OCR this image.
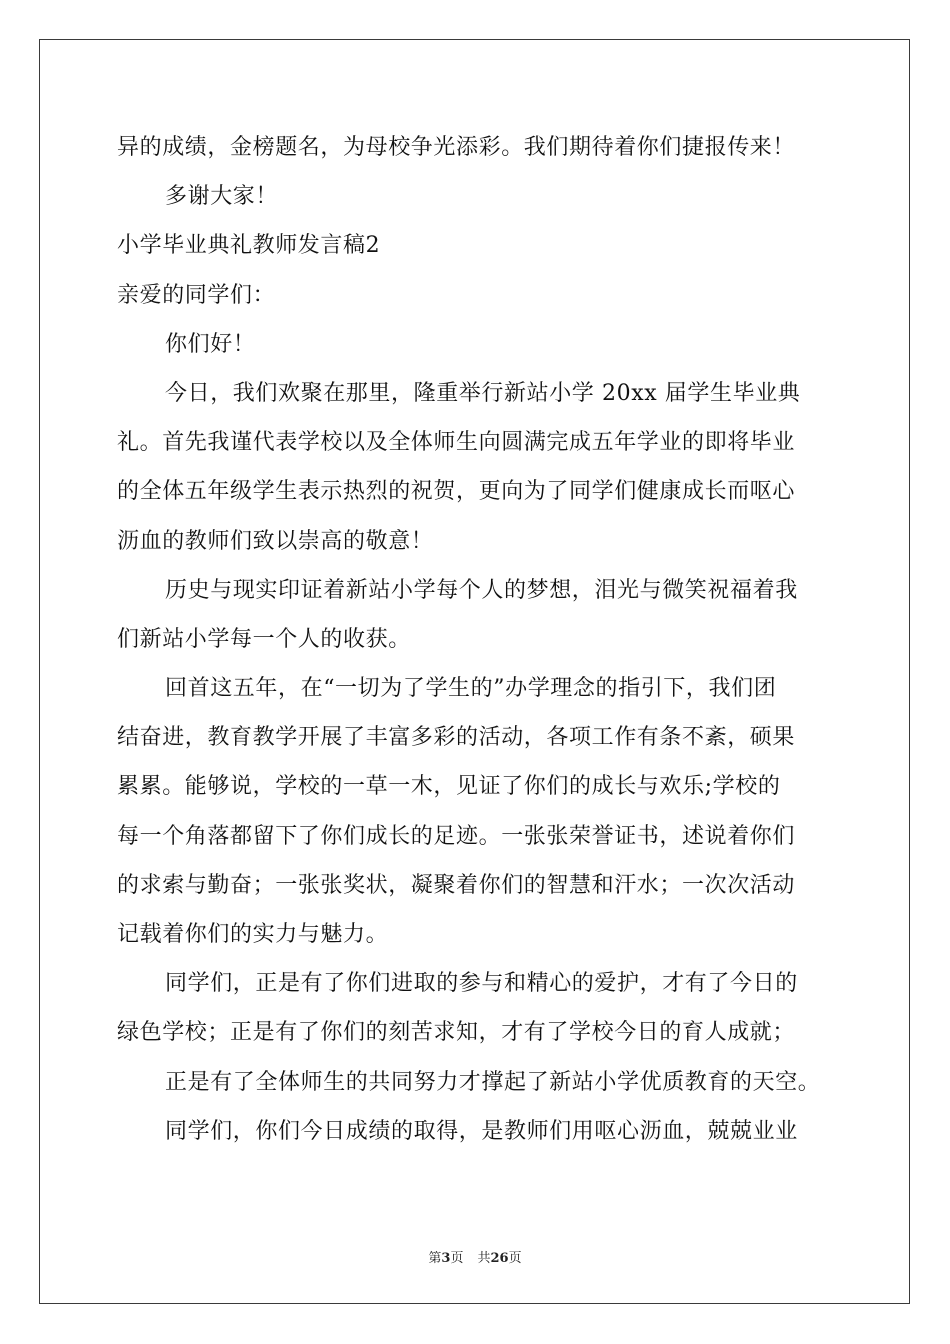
异的成绩，金榜题名，为母校争光添彩。我们期待着你们捷报传来！
多谢大家！
小学毕业典礼教师发言稿2
亲爱的同学们：
你们好！
今日，我们欢聚在那里，隆重举行新站小学 20xx 届学生毕业典
礼。首先我谨代表学校以及全体师生向圆满完成五年学业的即将毕业
的全体五年级学生表示热烈的祝贺，更向为了同学们健康成长而呕心
沥血的教师们致以崇高的敬意！
历史与现实印证着新站小学每个人的梦想，泪光与微笑祝福着我
们新站小学每一个人的收获。
回首这五年，在“一切为了学生的”办学理念的指引下，我们团
结奋进，教育教学开展了丰富多彩的活动，各项工作有条不紊，硕果
累累。能够说，学校的一草一木，见证了你们的成长与欢乐;学校的
每一个角落都留下了你们成长的足迹。一张张荣誉证书，述说着你们
的求索与勤奋；一张张奖状，凝聚着你们的智慧和汗水；一次次活动
记载着你们的实力与魅力。
同学们，正是有了你们进取的参与和精心的爱护，才有了今日的
绿色学校；正是有了你们的刻苦求知，才有了学校今日的育人成就；
正是有了全体师生的共同努力才撑起了新站小学优质教育的天空。
同学们，你们今日成绩的取得，是教师们用呕心沥血，兢兢业业
第3页 共26页
